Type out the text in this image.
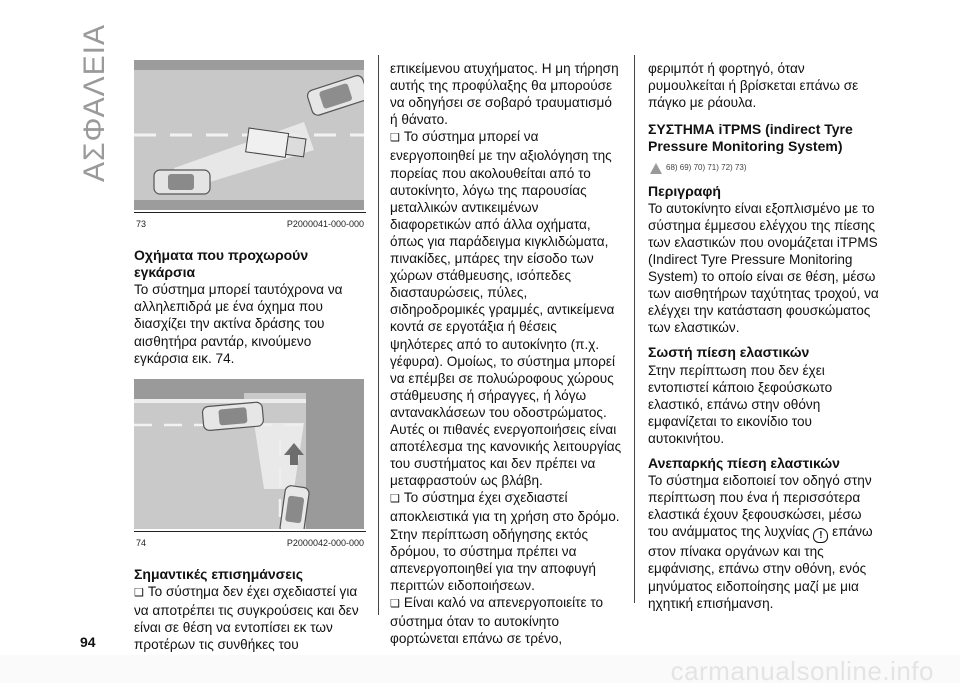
ΑΣΦΑΛΕΙΑ
73	P2000041-000-000

Οχήματα που προχωρούν εγκάρσια

Το σύστημα μπορεί ταυτόχρονα να αλληλεπιδρά με ένα όχημα που διασχίζει την ακτίνα δράσης του αισθητήρα ραντάρ, κινούμενο εγκάρσια εικ. 74.

74	P2000042-000-000

Σημαντικές επισημάνσεις

❑ Το σύστημα δεν έχει σχεδιαστεί για να αποτρέπει τις συγκρούσεις και δεν είναι σε θέση να εντοπίσει εκ των προτέρων τις συνθήκες του

επικείμενου ατυχήματος. Η μη τήρηση αυτής της προφύλαξης θα μπορούσε να οδηγήσει σε σοβαρό τραυματισμό ή θάνατο.

❑ Το σύστημα μπορεί να ενεργοποιηθεί με την αξιολόγηση της πορείας που ακολουθείται από το αυτοκίνητο, λόγω της παρουσίας μεταλλικών αντικειμένων διαφορετικών από άλλα οχήματα, όπως για παράδειγμα κιγκλιδώματα, πινακίδες, μπάρες την είσοδο των χώρων στάθμευσης, ισόπεδες διασταυρώσεις, πύλες, σιδηροδρομικές γραμμές, αντικείμενα κοντά σε εργοτάξια ή θέσεις ψηλότερες από το αυτοκίνητο (π.χ. γέφυρα). Ομοίως, το σύστημα μπορεί να επέμβει σε πολυώροφους χώρους στάθμευσης ή σήραγγες, ή λόγω αντανακλάσεων του οδοστρώματος. Αυτές οι πιθανές ενεργοποιήσεις είναι αποτέλεσμα της κανονικής λειτουργίας του συστήματος και δεν πρέπει να μεταφραστούν ως βλάβη.

❑ Το σύστημα έχει σχεδιαστεί αποκλειστικά για τη χρήση στο δρόμο. Στην περίπτωση οδήγησης εκτός δρόμου, το σύστημα πρέπει να απενεργοποιηθεί για την αποφυγή περιττών ειδοποιήσεων.

❑ Είναι καλό να απενεργοποιείτε το σύστημα όταν το αυτοκίνητο φορτώνεται επάνω σε τρένο,

φεριμπότ ή φορτηγό, όταν ρυμουλκείται ή βρίσκεται επάνω σε πάγκο με ράουλα.

ΣΥΣΤΗΜΑ iTPMS (indirect Tyre Pressure Monitoring System)

68) 69) 70) 71) 72) 73)

Περιγραφή

Το αυτοκίνητο είναι εξοπλισμένο με το σύστημα έμμεσου ελέγχου της πίεσης των ελαστικών που ονομάζεται iTPMS (Indirect Tyre Pressure Monitoring System) το οποίο είναι σε θέση, μέσω των αισθητήρων ταχύτητας τροχού, να ελέγχει την κατάσταση φουσκώματος των ελαστικών.

Σωστή πίεση ελαστικών

Στην περίπτωση που δεν έχει εντοπιστεί κάποιο ξεφούσκωτο ελαστικό, επάνω στην οθόνη εμφανίζεται το εικονίδιο του αυτοκινήτου.

Ανεπαρκής πίεση ελαστικών

Το σύστημα ειδοποιεί τον οδηγό στην περίπτωση που ένα ή περισσότερα ελαστικά έχουν ξεφουσκώσει, μέσω του ανάμματος της λυχνίας ! επάνω στον πίνακα οργάνων και της εμφάνισης, επάνω στην οθόνη, ενός μηνύματος ειδοποίησης μαζί με μια ηχητική επισήμανση.

94
carmanualsonline.info
